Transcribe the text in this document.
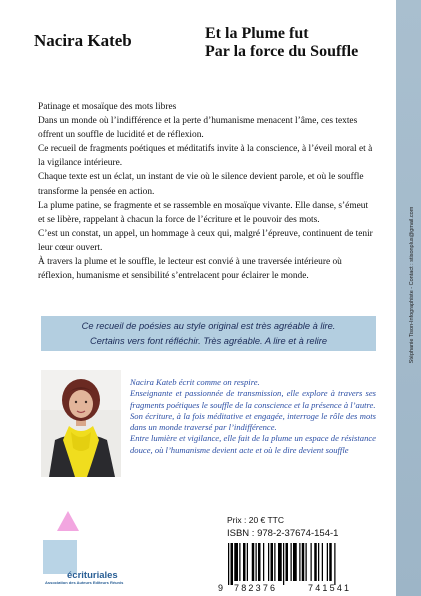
Stéphanie Tison-Infographiste - Contact : stisonplus@gmail.com
Nacira Kateb	Et la Plume fut
Par la force du Souffle

Patinage et mosaïque des mots libres

Dans un monde où l’indifférence et la perte d’humanisme menacent l’âme, ces textes offrent un souffle de lucidité et de réflexion.

Ce recueil de fragments poétiques et méditatifs invite à la conscience, à l’éveil moral et à la vigilance intérieure.

Chaque texte est un éclat, un instant de vie où le silence devient parole, et où le souffle transforme la pensée en action.

La plume patine, se fragmente et se rassemble en mosaïque vivante. Elle danse, s’émeut et se libère, rappelant à chacun la force de l’écriture et le pouvoir des mots.

C’est un constat, un appel, un hommage à ceux qui, malgré l’épreuve, continuent de tenir leur cœur ouvert.

À travers la plume et le souffle, le lecteur est convié à une traversée intérieure où réflexion, humanisme et sensibilité s’entrelacent pour éclairer le monde.

Ce recueil de poésies au style original est très agréable à lire.
Certains vers font réfléchir. Très agréable. A lire et à relire

Nacira Kateb écrit comme on respire.

Enseignante et passionnée de transmission, elle explore à travers ses fragments poétiques le souffle de la conscience et la présence à l’autre.

Son écriture, à la fois méditative et engagée, interroge le rôle des mots dans un monde traversé par l’indifférence.

Entre lumière et vigilance, elle fait de la plume un espace de résistance douce, où l’humanisme devient acte et où le dire devient souffle

écrituriales
Association des Auteurs Editeurs Réunis
Prix : 20 € TTC
ISBN : 978-2-37674-154-1
9 782376	741541
